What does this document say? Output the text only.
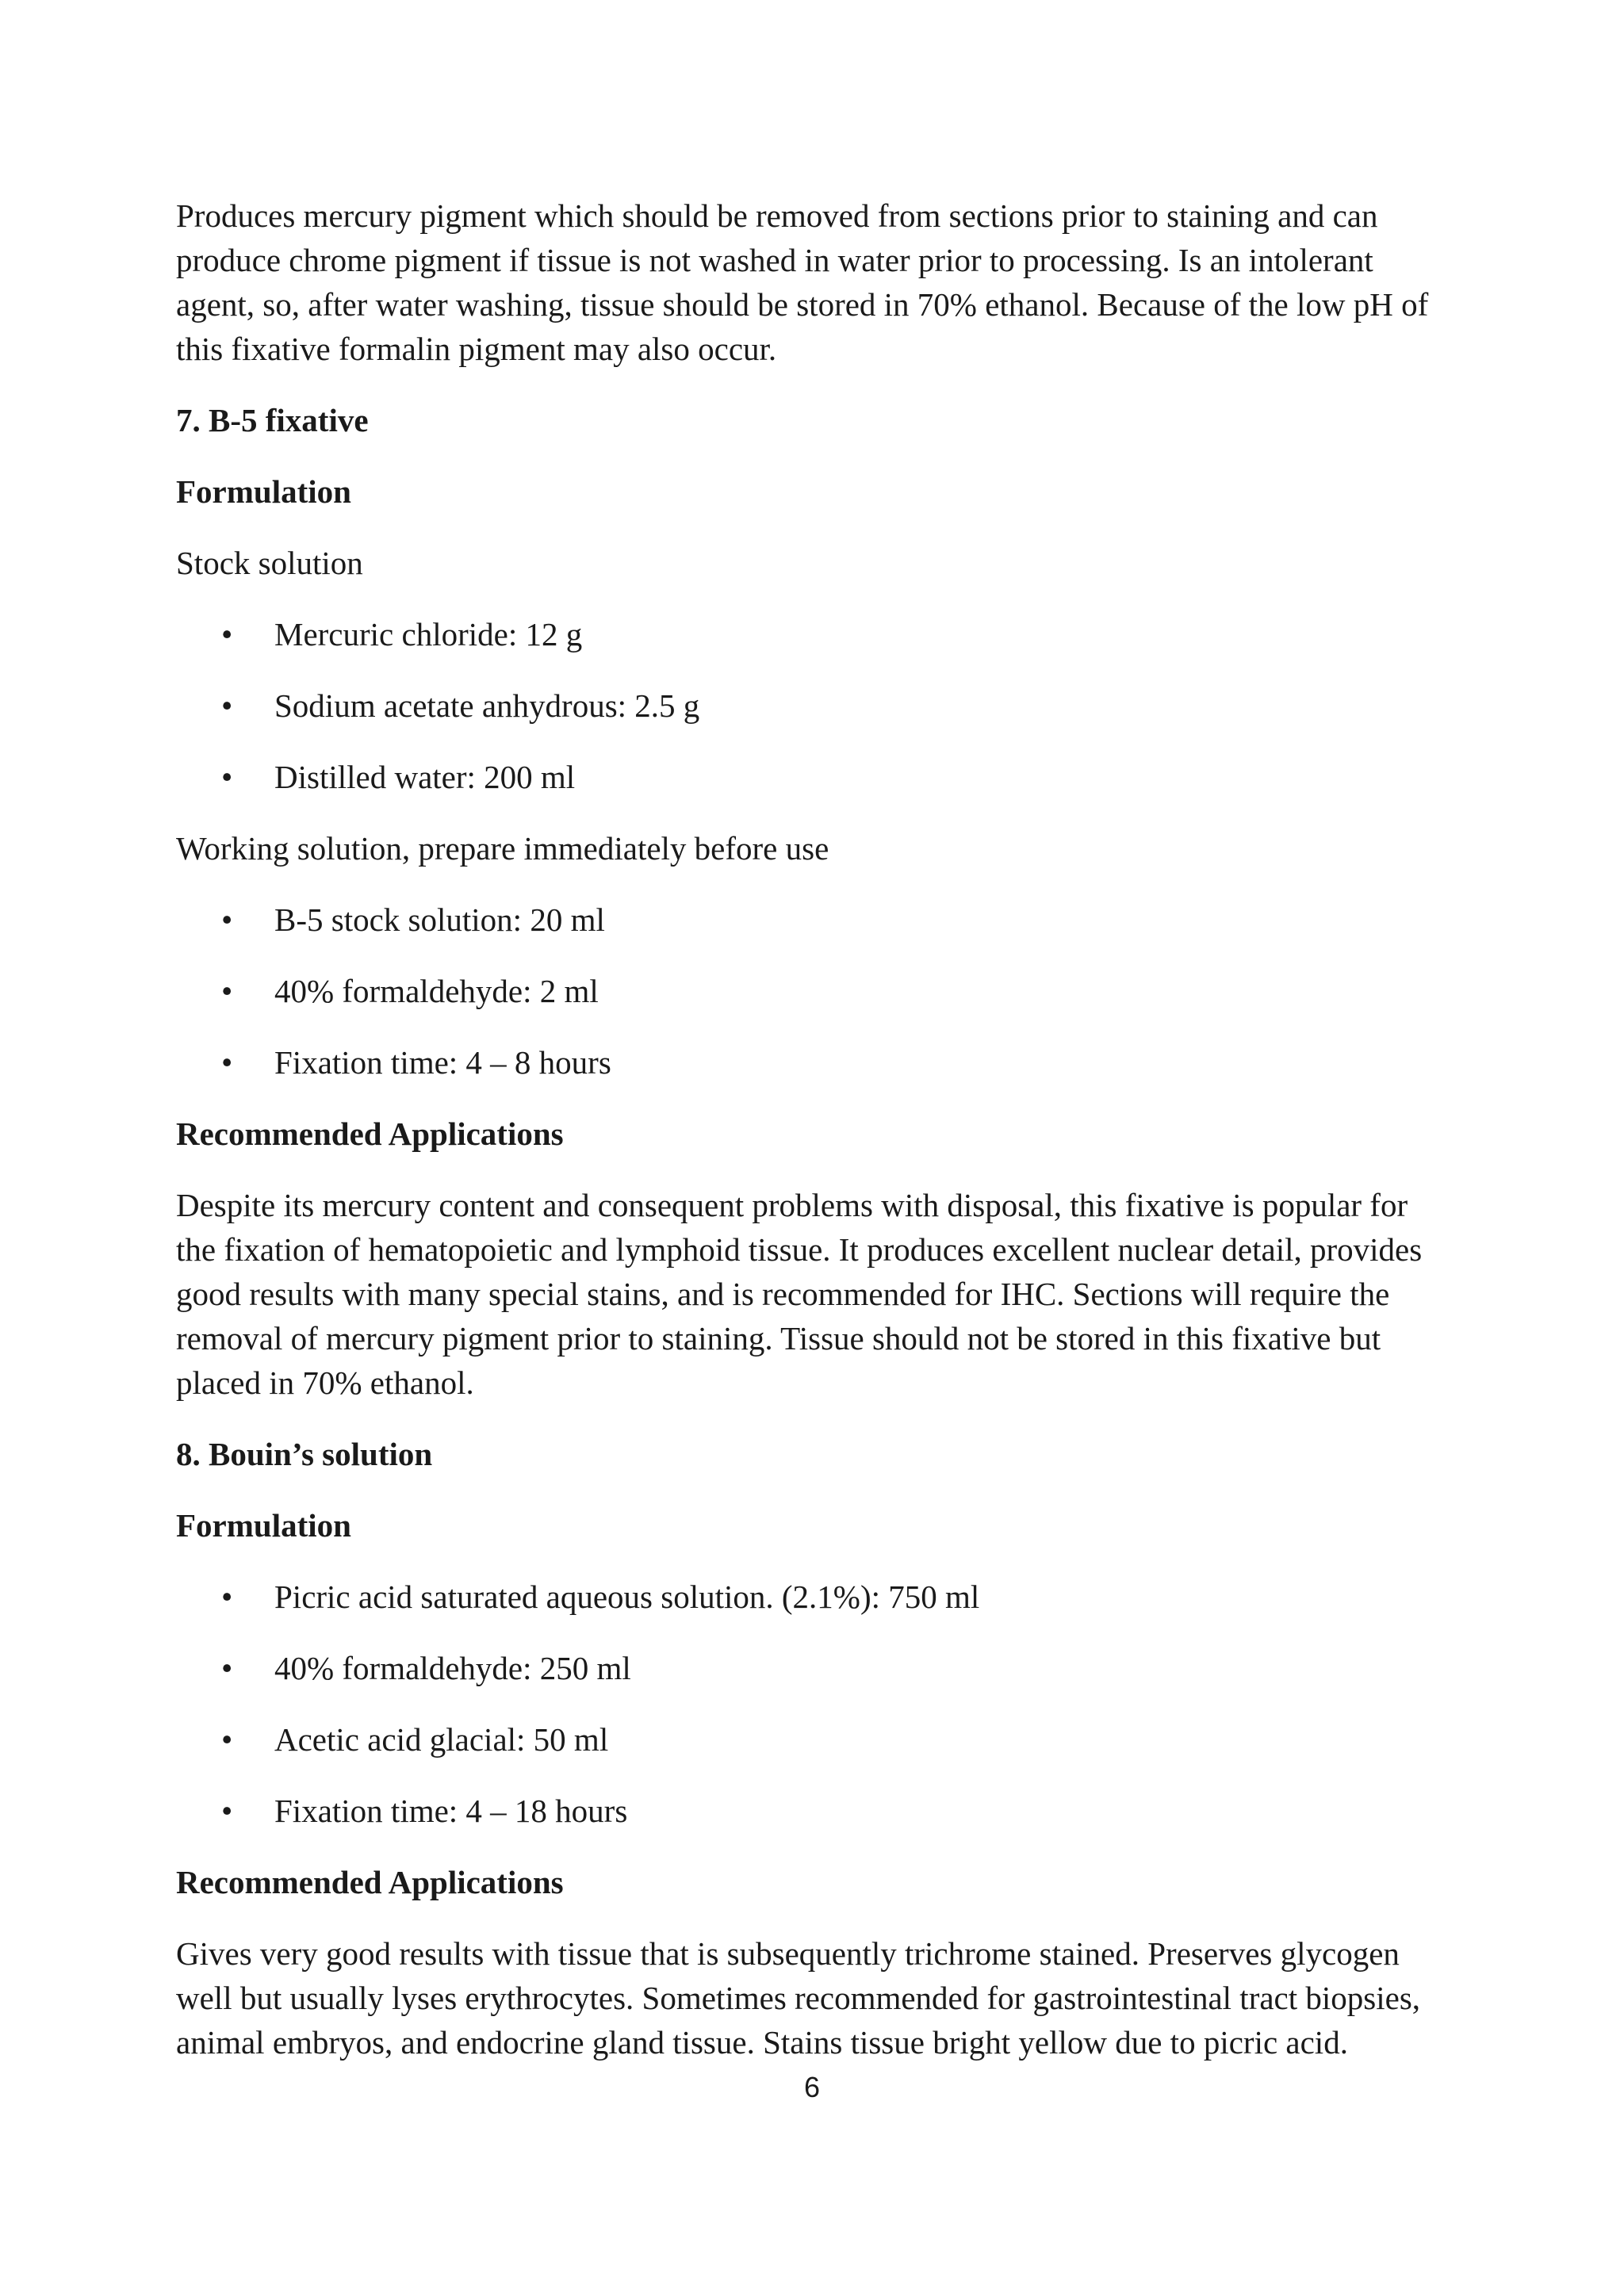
Produces mercury pigment which should be removed from sections prior to staining and can produce chrome pigment if tissue is not washed in water prior to processing. Is an intolerant agent, so, after water washing, tissue should be stored in 70% ethanol. Because of the low pH of this fixative formalin pigment may also occur.

7. B-5 fixative

Formulation

Stock solution

• Mercuric chloride: 12 g
• Sodium acetate anhydrous: 2.5 g
• Distilled water: 200 ml

Working solution, prepare immediately before use

• B-5 stock solution: 20 ml
• 40% formaldehyde: 2 ml
• Fixation time: 4 – 8 hours

Recommended Applications

Despite its mercury content and consequent problems with disposal, this fixative is popular for the fixation of hematopoietic and lymphoid tissue. It produces excellent nuclear detail, provides good results with many special stains, and is recommended for IHC. Sections will require the removal of mercury pigment prior to staining. Tissue should not be stored in this fixative but placed in 70% ethanol.

8. Bouin’s solution

Formulation

• Picric acid saturated aqueous solution. (2.1%): 750 ml
• 40% formaldehyde: 250 ml
• Acetic acid glacial: 50 ml
• Fixation time: 4 – 18 hours

Recommended Applications

Gives very good results with tissue that is subsequently trichrome stained. Preserves glycogen well but usually lyses erythrocytes. Sometimes recommended for gastrointestinal tract biopsies, animal embryos, and endocrine gland tissue. Stains tissue bright yellow due to picric acid.

6
